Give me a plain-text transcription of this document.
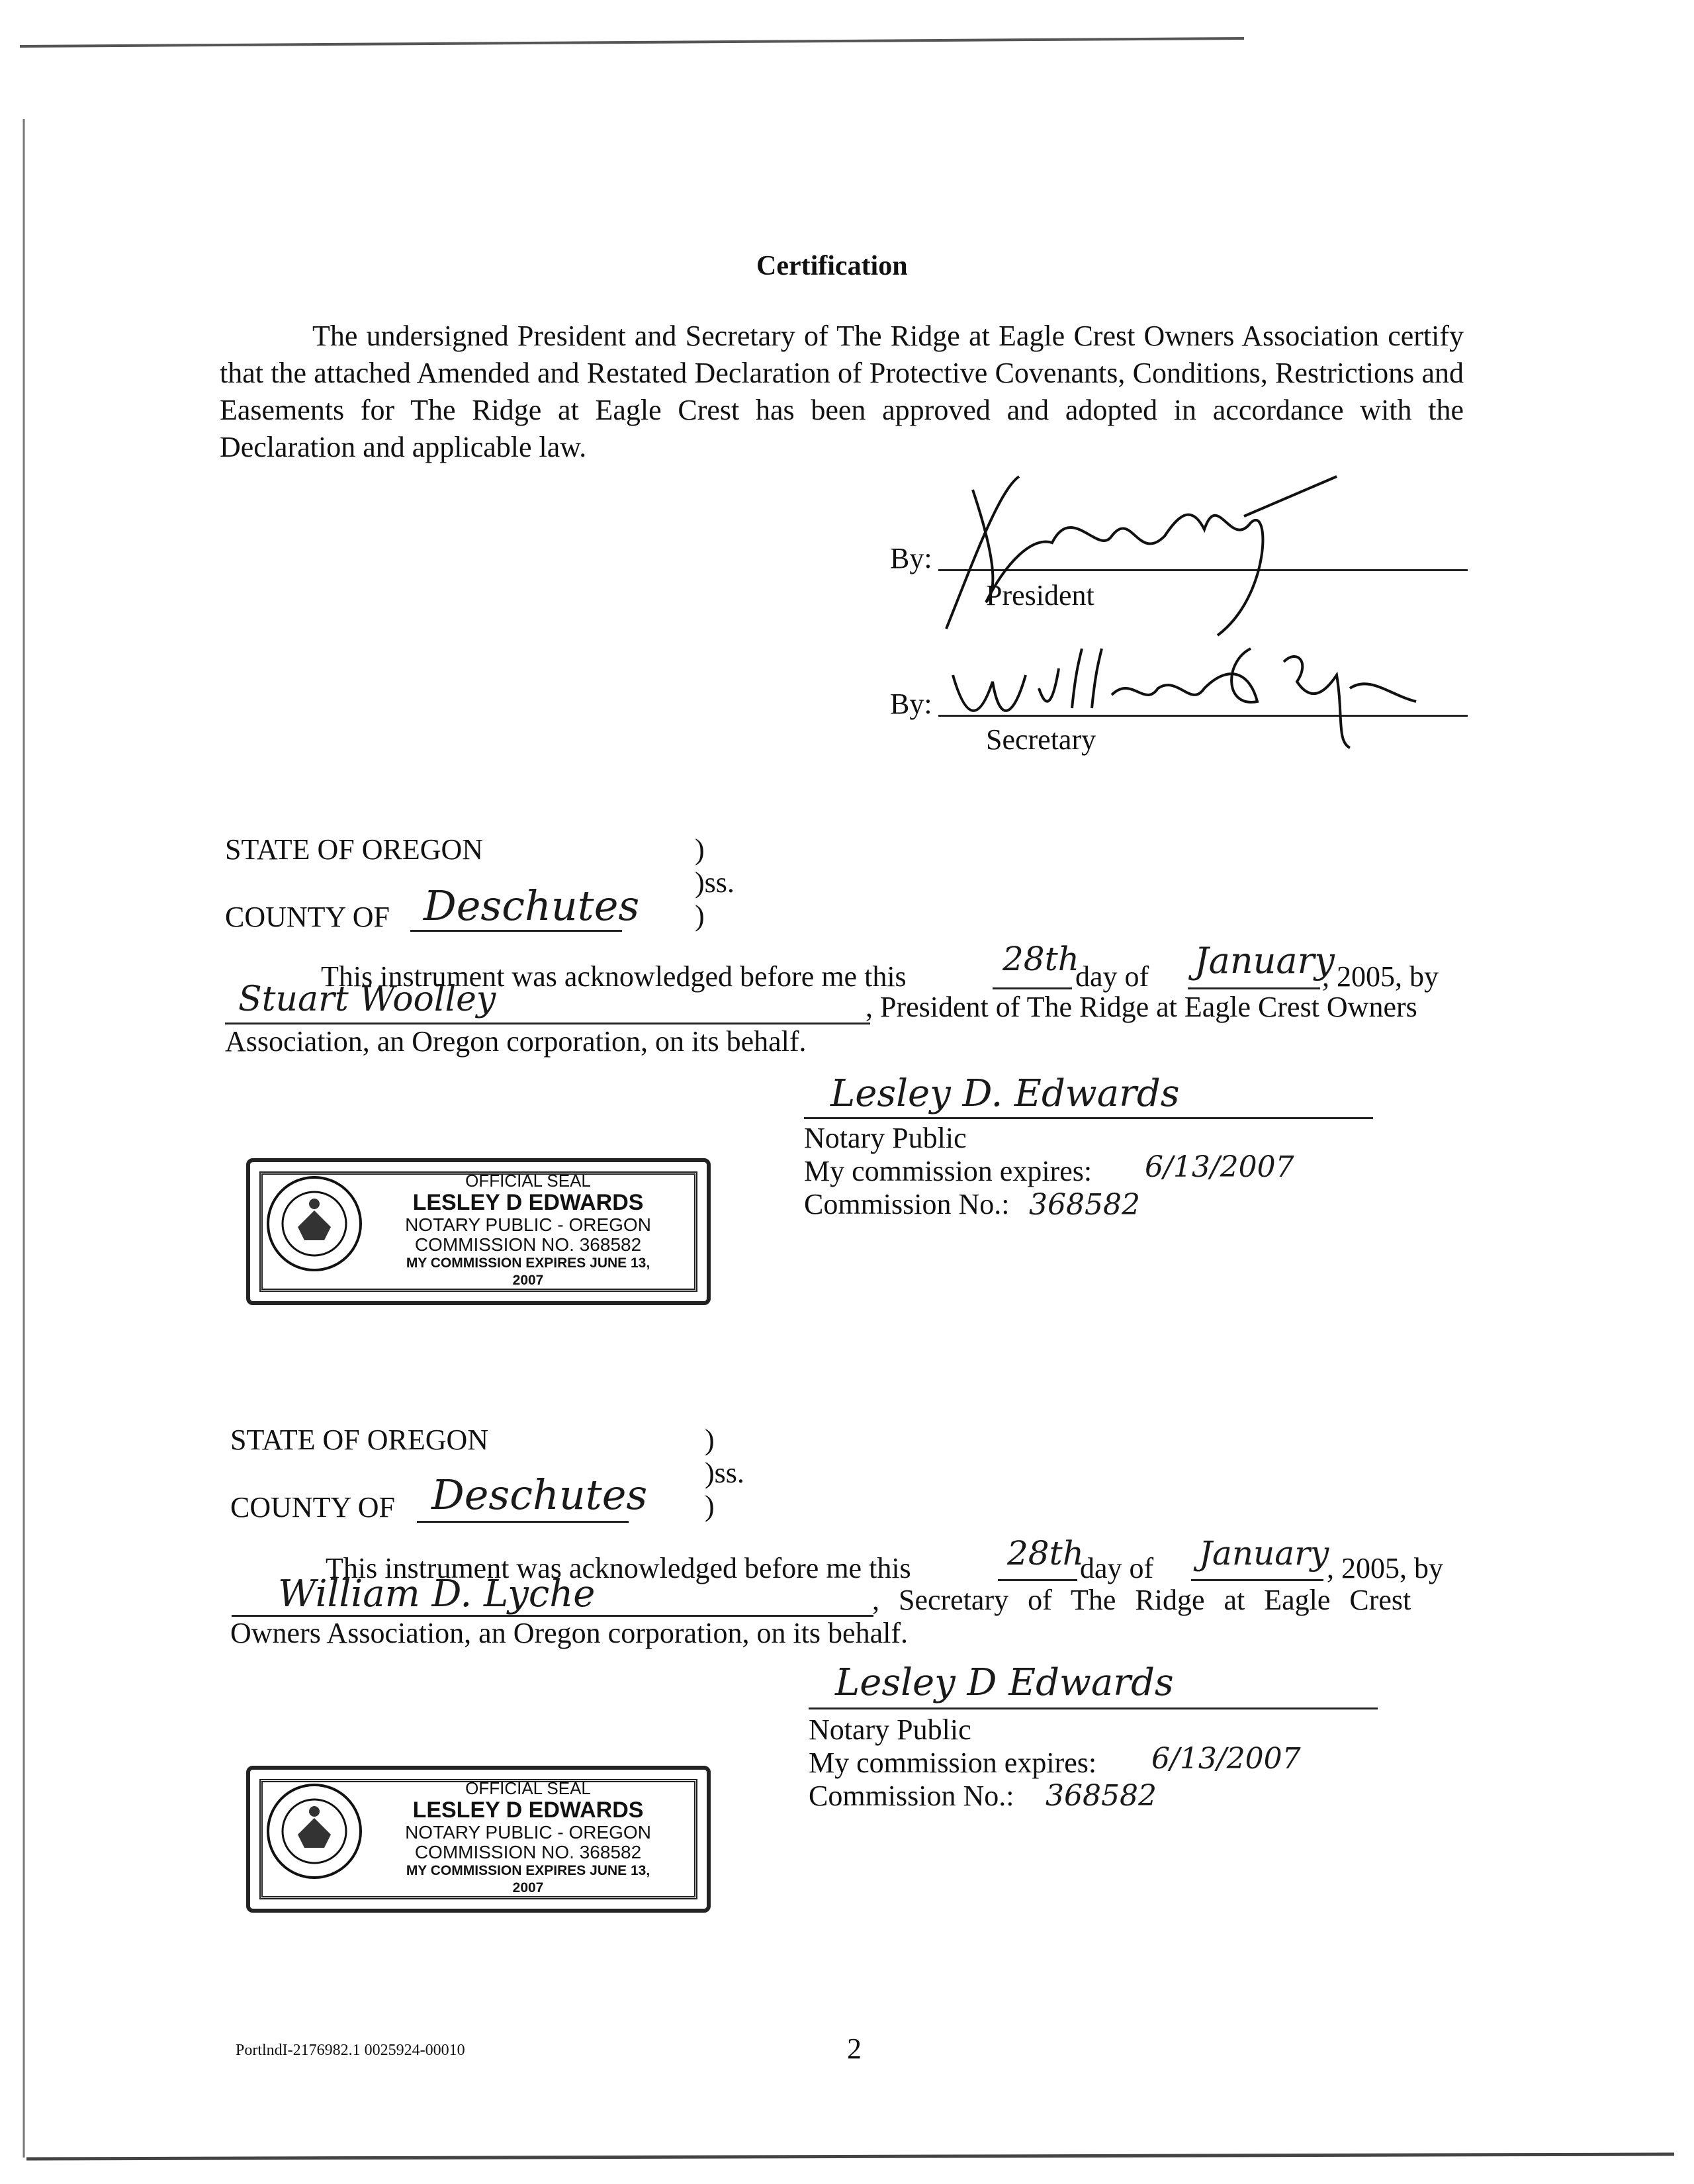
Certification
The undersigned President and Secretary of The Ridge at Eagle Crest Owners Association certify that the attached Amended and Restated Declaration of Protective Covenants, Conditions, Restrictions and Easements for The Ridge at Eagle Crest has been approved and adopted in accordance with the Declaration and applicable law.
By:
President
By:
Secretary
STATE OF OREGON	)
)ss.
)
COUNTY OF Deschutes
This instrument was acknowledged before me this	28th
day of January
, 2005, by
Stuart Woolley	, President of The Ridge at Eagle Crest Owners
Association, an Oregon corporation, on its behalf.
Lesley D. Edwards
Notary Public
My commission expires: 6/13/2007
Commission No.: 368582
OFFICIAL SEAL
LESLEY D EDWARDS
NOTARY PUBLIC - OREGON
COMMISSION NO. 368582
MY COMMISSION EXPIRES JUNE 13, 2007
STATE OF OREGON	)
)ss.
)
COUNTY OF Deschutes
This instrument was acknowledged before me this	28th
day of January
, 2005, by
William D. Lyche	, Secretary of The Ridge at Eagle Crest
Owners Association, an Oregon corporation, on its behalf.
Lesley D Edwards
Notary Public
My commission expires: 6/13/2007
Commission No.: 368582
OFFICIAL SEAL
LESLEY D EDWARDS
NOTARY PUBLIC - OREGON
COMMISSION NO. 368582
MY COMMISSION EXPIRES JUNE 13, 2007
PortlndI-2176982.1 0025924-00010	2
